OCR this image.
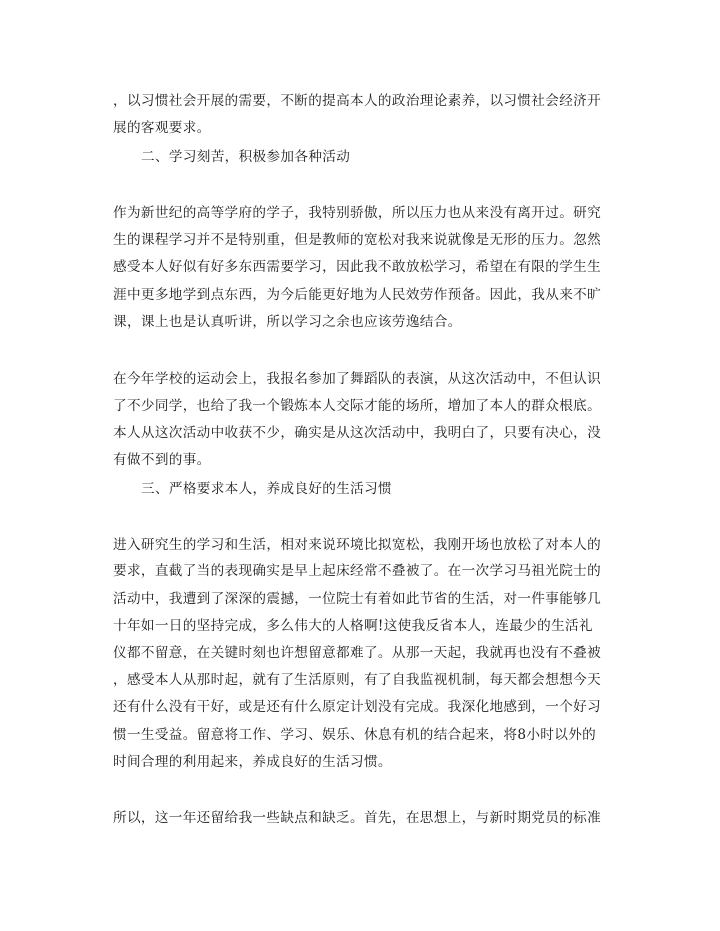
，以习惯社会开展的需要，不断的提高本人的政治理论素养，以习惯社会经济开
展的客观要求。
二、学习刻苦，积极参加各种活动
作为新世纪的高等学府的学子，我特别骄傲，所以压力也从来没有离开过。研究
生的课程学习并不是特别重，但是教师的宽松对我来说就像是无形的压力。忽然
感受本人好似有好多东西需要学习，因此我不敢放松学习，希望在有限的学生生
涯中更多地学到点东西，为今后能更好地为人民效劳作预备。因此，我从来不旷
课，课上也是认真听讲，所以学习之余也应该劳逸结合。
在今年学校的运动会上，我报名参加了舞蹈队的表演，从这次活动中，不但认识
了不少同学，也给了我一个锻炼本人交际才能的场所，增加了本人的群众根底。
本人从这次活动中收获不少，确实是从这次活动中，我明白了，只要有决心，没
有做不到的事。
三、严格要求本人，养成良好的生活习惯
进入研究生的学习和生活，相对来说环境比拟宽松，我刚开场也放松了对本人的
要求，直截了当的表现确实是早上起床经常不叠被了。在一次学习马祖光院士的
活动中，我遭到了深深的震撼，一位院士有着如此节省的生活，对一件事能够几
十年如一日的坚持完成，多么伟大的人格啊!这使我反省本人，连最少的生活礼
仪都不留意，在关键时刻也许想留意都难了。从那一天起，我就再也没有不叠被
，感受本人从那时起，就有了生活原则，有了自我监视机制，每天都会想想今天
还有什么没有干好，或是还有什么原定计划没有完成。我深化地感到，一个好习
惯一生受益。留意将工作、学习、娱乐、休息有机的结合起来，将8小时以外的
时间合理的利用起来，养成良好的生活习惯。
所以，这一年还留给我一些缺点和缺乏。首先，在思想上，与新时期党员的标准
